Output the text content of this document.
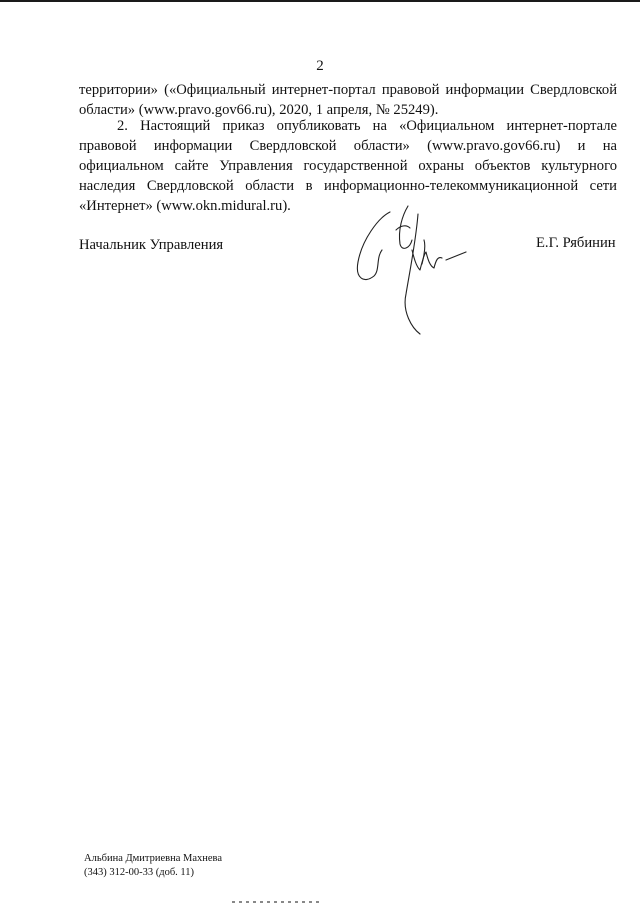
2
территории» («Официальный интернет-портал правовой информации Свердловской области» (www.pravo.gov66.ru), 2020, 1 апреля, № 25249).
2. Настоящий приказ опубликовать на «Официальном интернет-портале правовой информации Свердловской области» (www.pravo.gov66.ru) и на официальном сайте Управления государственной охраны объектов культурного наследия Свердловской области в информационно-телекоммуникационной сети «Интернет» (www.okn.midural.ru).
Начальник Управления	Е.Г. Рябинин
Альбина Дмитриевна Махнева
(343) 312-00-33 (доб. 11)
